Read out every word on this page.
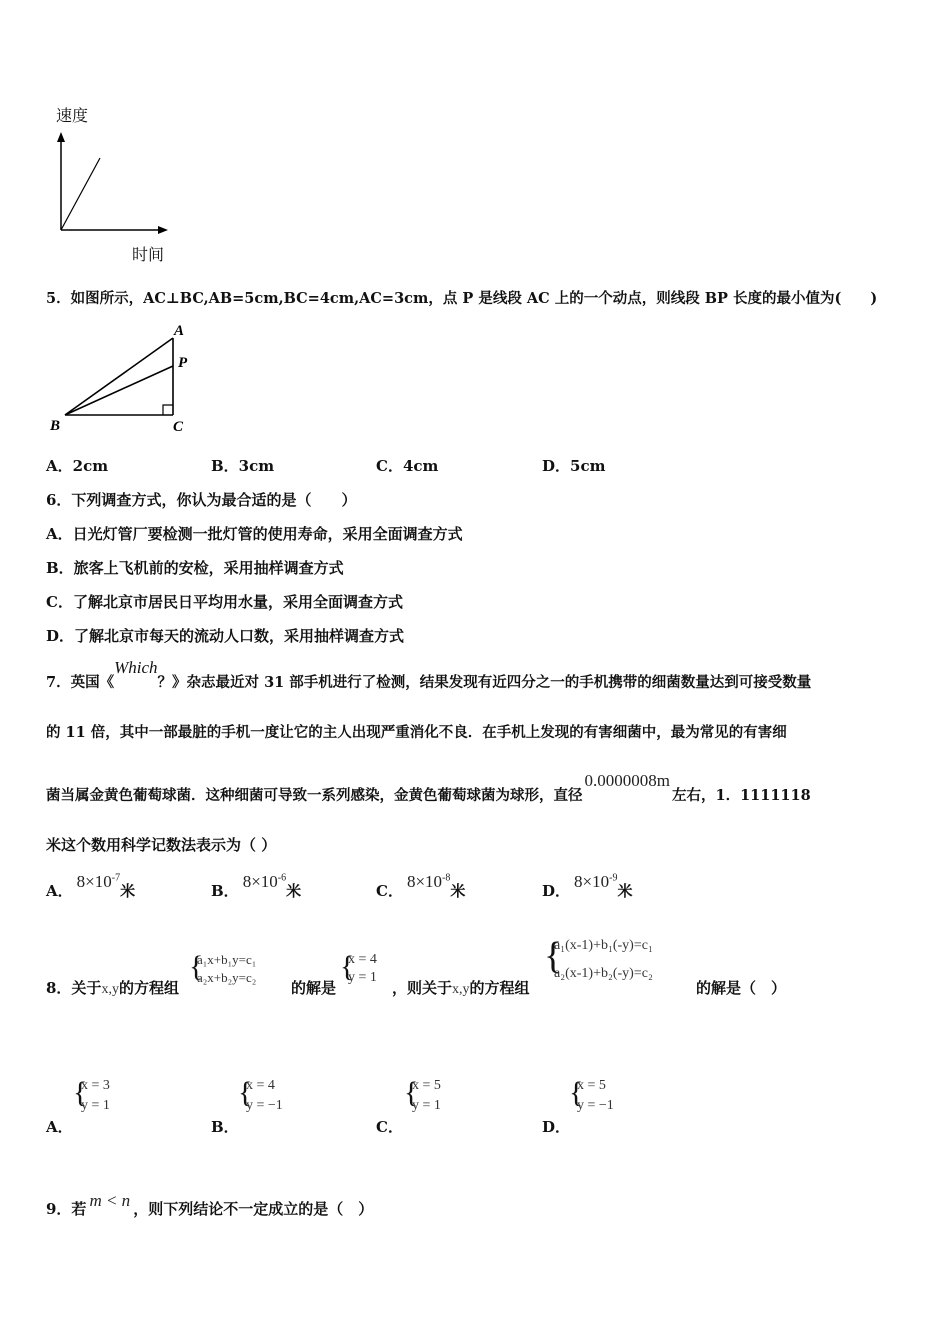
速度
时间
5．如图所示，AC⊥BC,AB=5cm,BC=4cm,AC=3cm，点 P 是线段 AC 上的一个动点，则线段 BP 长度的最小值为(　　)
A
P
B	C
A．2cm	B．3cm	C．4cm	D．5cm
6．下列调查方式，你认为最合适的是（　　）
A．日光灯管厂要检测一批灯管的使用寿命，采用全面调查方式
B．旅客上飞机前的安检，采用抽样调查方式
C．了解北京市居民日平均用水量，采用全面调查方式
D．了解北京市每天的流动人口数，采用抽样调查方式
7．英国《Which？》杂志最近对 31 部手机进行了检测，结果发现有近四分之一的手机携带的细菌数量达到可接受数量
的 11 倍，其中一部最脏的手机一度让它的主人出现严重消化不良．在手机上发现的有害细菌中，最为常见的有害细
菌当属金黄色葡萄球菌．这种细菌可导致一系列感染，金黄色葡萄球菌为球形，直径0.0000008m左右，1．1111118
米这个数用科学记数法表示为（ ）
A． $8\times 10^{-7}$米	B． $8\times 10^{-6}$米	C． $8\times 10^{-8}$米	D． $8\times 10^{-9}$米
8．关于x,y的方程组
{
a₁x+b₁y=c₁
a₂x+b₂y=c₂
的解是
{
x = 4
y = 1
，则关于x,y的方程组
{
a₁(x-1)+b₁(-y)=c₁
a₂(x-1)+b₂(-y)=c₂
的解是（　）
A．
{
x = 3
y = 1
B．
{
x = 4
y = −1
C．
{
x = 5
y = 1
D．
{
x = 5
y = −1
9．若 m < n ，则下列结论不一定成立的是（　）
